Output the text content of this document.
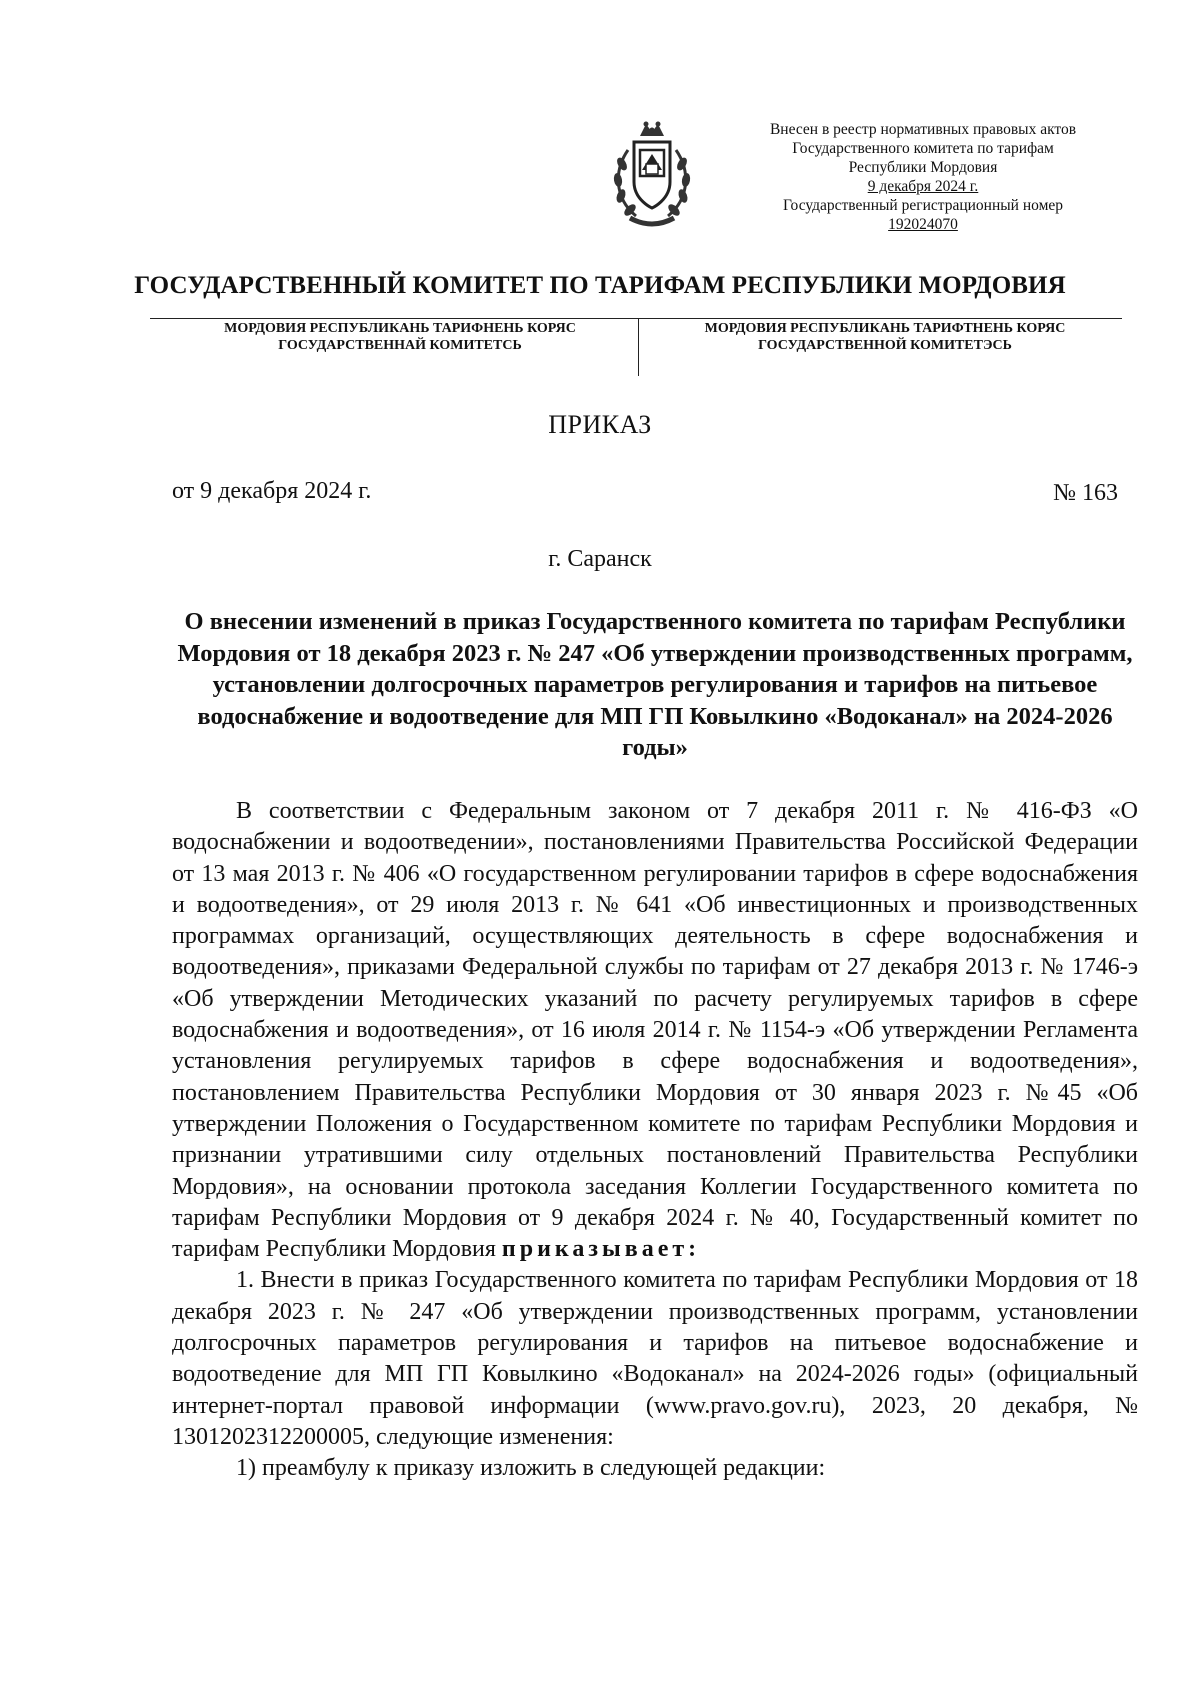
Внесен в реестр нормативных правовых актов
Государственного комитета по тарифам
Республики Мордовия
9 декабря 2024 г.
Государственный регистрационный номер
192024070
ГОСУДАРСТВЕННЫЙ КОМИТЕТ ПО ТАРИФАМ РЕСПУБЛИКИ МОРДОВИЯ
МОРДОВИЯ РЕСПУБЛИКАНЬ ТАРИФНЕНЬ КОРЯС
ГОСУДАРСТВЕННАЙ КОМИТЕТСЬ
МОРДОВИЯ РЕСПУБЛИКАНЬ ТАРИФТНЕНЬ КОРЯС
ГОСУДАРСТВЕННОЙ КОМИТЕТЭСЬ
ПРИКАЗ
от 9 декабря 2024 г.	№ 163
г. Саранск
О внесении изменений в приказ Государственного комитета по тарифам Республики Мордовия от 18 декабря 2023 г. № 247 «Об утверждении производственных программ, установлении долгосрочных параметров регулирования и тарифов на питьевое водоснабжение и водоотведение для МП ГП Ковылкино «Водоканал» на 2024-2026 годы»

В соответствии с Федеральным законом от 7 декабря 2011 г. № 416-ФЗ «О водоснабжении и водоотведении», постановлениями Правительства Российской Федерации от 13 мая 2013 г. № 406 «О государственном регулировании тарифов в сфере водоснабжения и водоотведения», от 29 июля 2013 г. № 641 «Об инвестиционных и производственных программах организаций, осуществляющих деятельность в сфере водоснабжения и водоотведения», приказами Федеральной службы по тарифам от 27 декабря 2013 г. № 1746-э «Об утверждении Методических указаний по расчету регулируемых тарифов в сфере водоснабжения и водоотведения», от 16 июля 2014 г. № 1154-э «Об утверждении Регламента установления регулируемых тарифов в сфере водоснабжения и водоотведения», постановлением Правительства Республики Мордовия от 30 января 2023 г. №45 «Об утверждении Положения о Государственном комитете по тарифам Республики Мордовия и признании утратившими силу отдельных постановлений Правительства Республики Мордовия», на основании протокола заседания Коллегии Государственного комитета по тарифам Республики Мордовия от 9 декабря 2024 г. № 40, Государственный комитет по тарифам Республики Мордовия приказывает:

1. Внести в приказ Государственного комитета по тарифам Республики Мордовия от 18 декабря 2023 г. № 247 «Об утверждении производственных программ, установлении долгосрочных параметров регулирования и тарифов на питьевое водоснабжение и водоотведение для МП ГП Ковылкино «Водоканал» на 2024-2026 годы» (официальный интернет-портал правовой информации (www.pravo.gov.ru), 2023, 20 декабря, № 1301202312200005, следующие изменения:

1) преамбулу к приказу изложить в следующей редакции:
